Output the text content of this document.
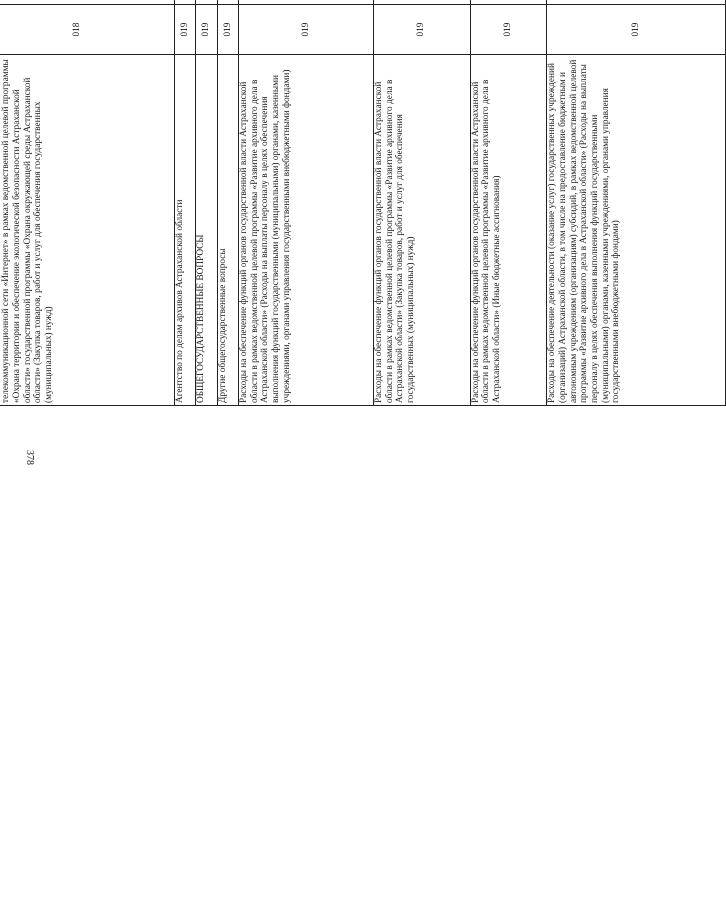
378

телекоммуникационной сети «Интернет» в рамках ведомственной целевой программы «Охрана территории и обеспечение экологической безопасности Астраханской области» государственной программы «Охрана окружающей среды Астраханской области» (Закупка товаров, работ и услуг для обеспечения государственных (муниципальных) нужд)	018					
Агентство по делам архивов Астраханской области	019					
ОБЩЕГОСУДАРСТВЕННЫЕ ВОПРОСЫ	019					
Другие общегосударственные вопросы	019					
Расходы на обеспечение функций органов государственной власти Астраханской области в рамках ведомственной целевой программы «Развитие архивного дела в Астраханской области» (Расходы на выплаты персоналу в целях обеспечения выполнения функций государственными (муниципальными) органами, казенными учреждениями, органами управления государственными внебюджетными фондами)	019					
Расходы на обеспечение функций органов государственной власти Астраханской области в рамках ведомственной целевой программы «Развитие архивного дела в Астраханской области» (Закупка товаров, работ и услуг для обеспечения государственных (муниципальных) нужд)	019					
Расходы на обеспечение функций органов государственной власти Астраханской области в рамках ведомственной целевой программы «Развитие архивного дела в Астраханской области» (Иные бюджетные ассигнования)	019					
Расходы на обеспечение деятельности (оказание услуг) государственных учреждений (организаций) Астраханской области, в том числе на предоставление бюджетным и автономным учреждениям (организациям) субсидий, в рамках ведомственной целевой программы «Развитие архивного дела в Астраханской области» (Расходы на выплаты персоналу в целях обеспечения выполнения функций государственными (муниципальными) органами, казенными учреждениями, органами управления государственными внебюджетными фондами)	019					
